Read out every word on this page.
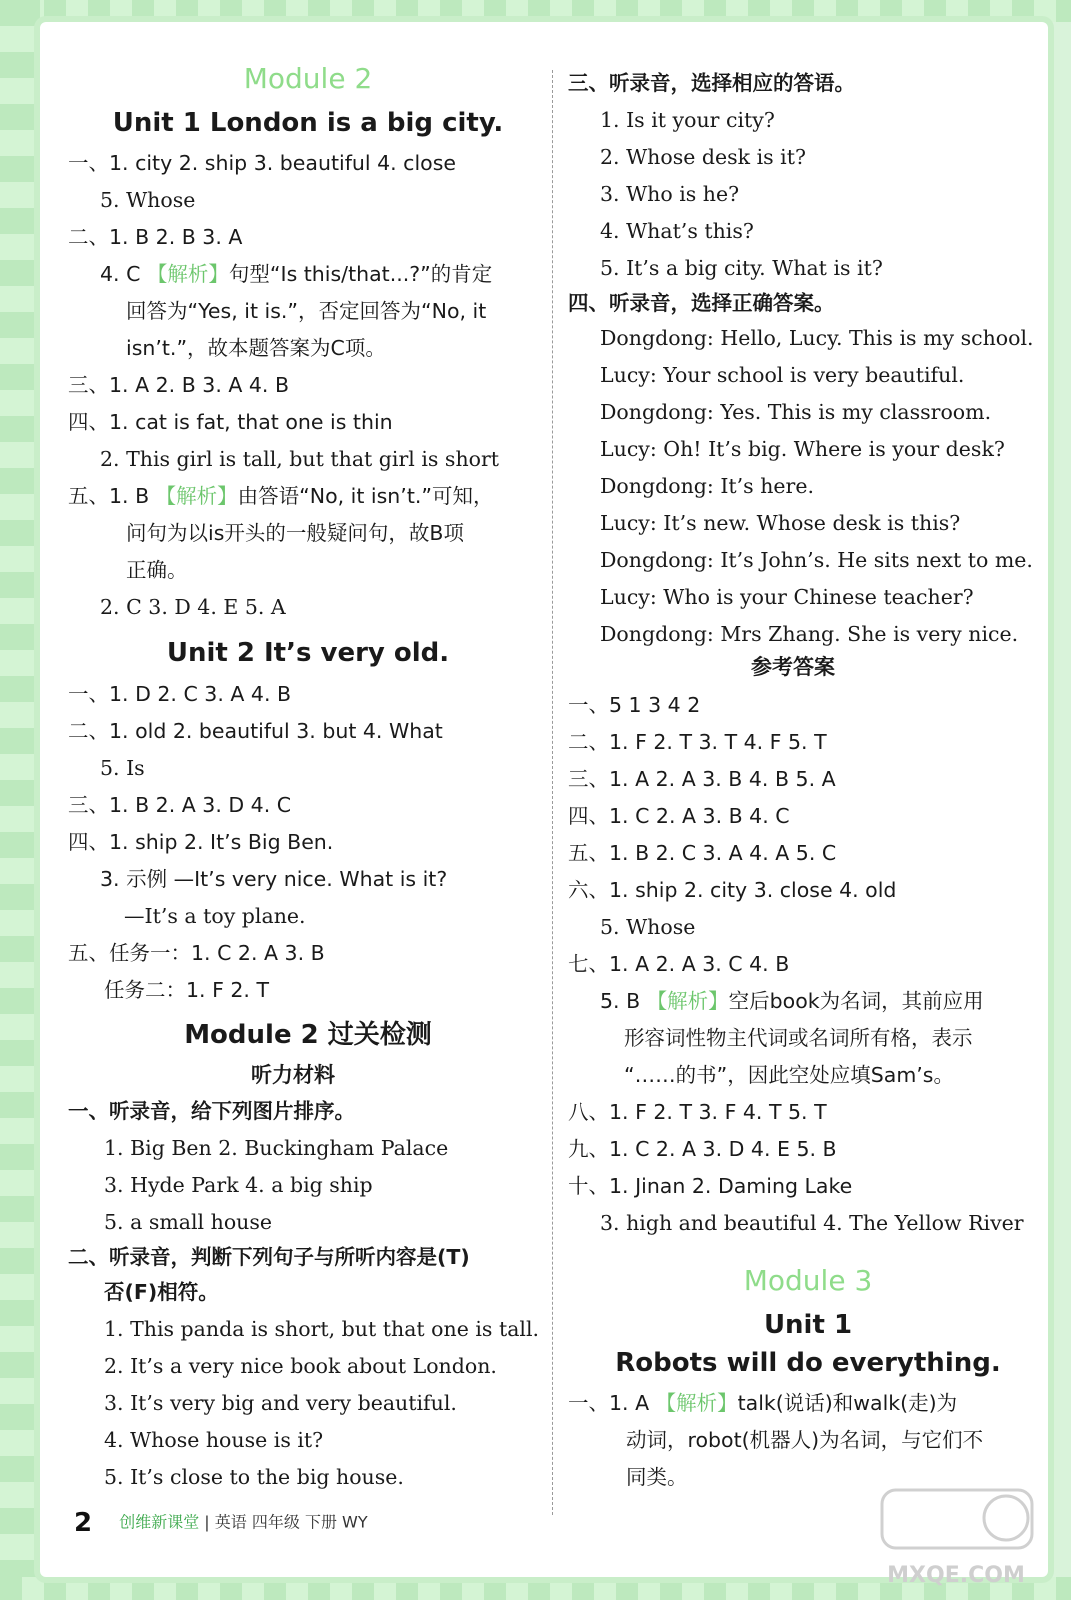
Module 2
Unit 1 London is a big city.
一、1. city 2. ship 3. beautiful 4. close
5. Whose
二、1. B 2. B 3. A
4. C 【解析】句型“Is this/that...?”的肯定
回答为“Yes, it is.”，否定回答为“No, it
isn’t.”，故本题答案为C项。
三、1. A 2. B 3. A 4. B
四、1. cat is fat, that one is thin
2. This girl is tall, but that girl is short
五、1. B 【解析】由答语“No, it isn’t.”可知，
问句为以is开头的一般疑问句，故B项
正确。
2. C 3. D 4. E 5. A
Unit 2 It’s very old.
一、1. D 2. C 3. A 4. B
二、1. old 2. beautiful 3. but 4. What
5. Is
三、1. B 2. A 3. D 4. C
四、1. ship 2. It’s Big Ben.
3. 示例 —It’s very nice. What is it?
—It’s a toy plane.
五、任务一：1. C 2. A 3. B
任务二：1. F 2. T
Module 2 过关检测
听力材料
一、听录音，给下列图片排序。
1. Big Ben 2. Buckingham Palace
3. Hyde Park 4. a big ship
5. a small house
二、听录音，判断下列句子与所听内容是(T)
否(F)相符。
1. This panda is short, but that one is tall.
2. It’s a very nice book about London.
3. It’s very big and very beautiful.
4. Whose house is it?
5. It’s close to the big house.
三、听录音，选择相应的答语。
1. Is it your city?
2. Whose desk is it?
3. Who is he?
4. What’s this?
5. It’s a big city. What is it?
四、听录音，选择正确答案。
Dongdong: Hello, Lucy. This is my school.
Lucy: Your school is very beautiful.
Dongdong: Yes. This is my classroom.
Lucy: Oh! It’s big. Where is your desk?
Dongdong: It’s here.
Lucy: It’s new. Whose desk is this?
Dongdong: It’s John’s. He sits next to me.
Lucy: Who is your Chinese teacher?
Dongdong: Mrs Zhang. She is very nice.
参考答案
一、5 1 3 4 2
二、1. F 2. T 3. T 4. F 5. T
三、1. A 2. A 3. B 4. B 5. A
四、1. C 2. A 3. B 4. C
五、1. B 2. C 3. A 4. A 5. C
六、1. ship 2. city 3. close 4. old
5. Whose
七、1. A 2. A 3. C 4. B
5. B 【解析】空后book为名词，其前应用
形容词性物主代词或名词所有格，表示
“……的书”，因此空处应填Sam’s。
八、1. F 2. T 3. F 4. T 5. T
九、1. C 2. A 3. D 4. E 5. B
十、1. Jinan 2. Daming Lake
3. high and beautiful 4. The Yellow River
Module 3
Unit 1
Robots will do everything.
一、1. A 【解析】talk(说话)和walk(走)为
动词，robot(机器人)为名词，与它们不
同类。
2 创维新课堂 | 英语 四年级 下册 WY
MXQE.COM
